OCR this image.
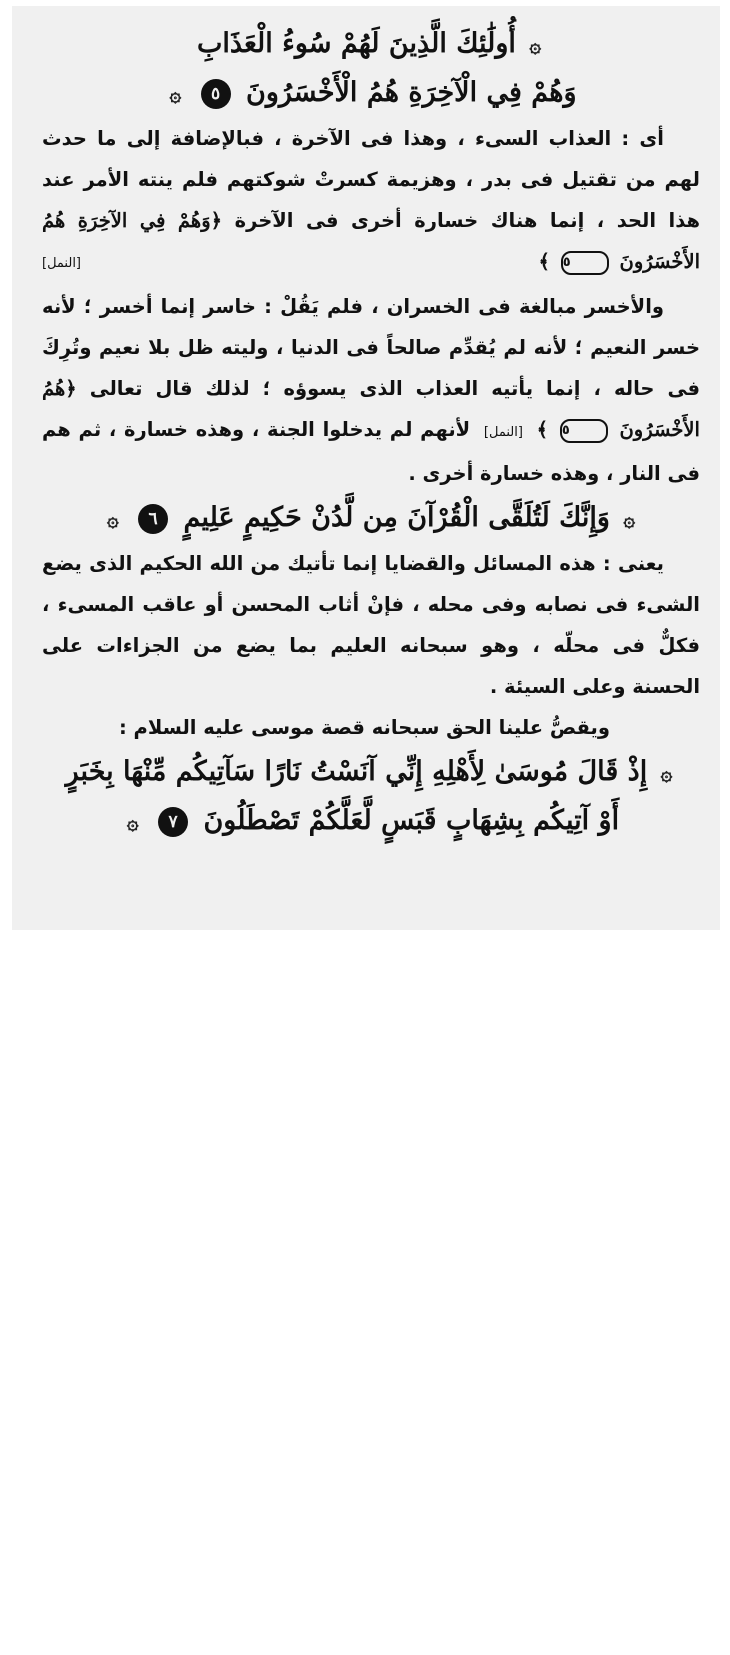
۞ أُولَٰئِكَ الَّذِينَ لَهُمْ سُوءُ الْعَذَابِ

وَهُمْ فِي الْآخِرَةِ هُمُ الْأَخْسَرُونَ ٥ ۞

أى : العذاب السىء ، وهذا فى الآخرة ، فبالإضافة إلى ما حدث لهم من تقتيل فى بدر ، وهزيمة كسرتْ شوكتهم فلم ينته الأمر عند هذا الحد ، إنما هناك خسارة أخرى فى الآخرة ﴿وَهُمْ فِي الآخِرَةِ هُمُ الأَخْسَرُونَ ٥ ﴾
[النمل]

والأخسر مبالغة فى الخسران ، فلم يَقُلْ : خاسر إنما أخسر ؛ لأنه خسر النعيم ؛ لأنه لم يُقدِّم صالحاً فى الدنيا ، وليته ظل بلا نعيم وتُرِكَ فى حاله ، إنما يأتيه العذاب الذى يسوؤه ؛ لذلك قال تعالى ﴿هُمُ الأَخْسَرُونَ ٥ ﴾ [النمل] لأنهم لم يدخلوا الجنة ، وهذه خسارة ، ثم هم فى النار ، وهذه خسارة أخرى .

۞ وَإِنَّكَ لَتُلَقَّى الْقُرْآنَ مِن لَّدُنْ حَكِيمٍ عَلِيمٍ ٦ ۞

يعنى : هذه المسائل والقضايا إنما تأتيك من الله الحكيم الذى يضع الشىء فى نصابه وفى محله ، فإنْ أثاب المحسن أو عاقب المسىء ، فكلٌّ فى محلّه ، وهو سبحانه العليم بما يضع من الجزاءات على الحسنة وعلى السيئة .

ويقصُّ علينا الحق سبحانه قصة موسى عليه السلام :

۞ إِذْ قَالَ مُوسَىٰ لِأَهْلِهِ إِنِّي آنَسْتُ نَارًا سَآتِيكُم مِّنْهَا بِخَبَرٍ

أَوْ آتِيكُم بِشِهَابٍ قَبَسٍ لَّعَلَّكُمْ تَصْطَلُونَ ٧ ۞
